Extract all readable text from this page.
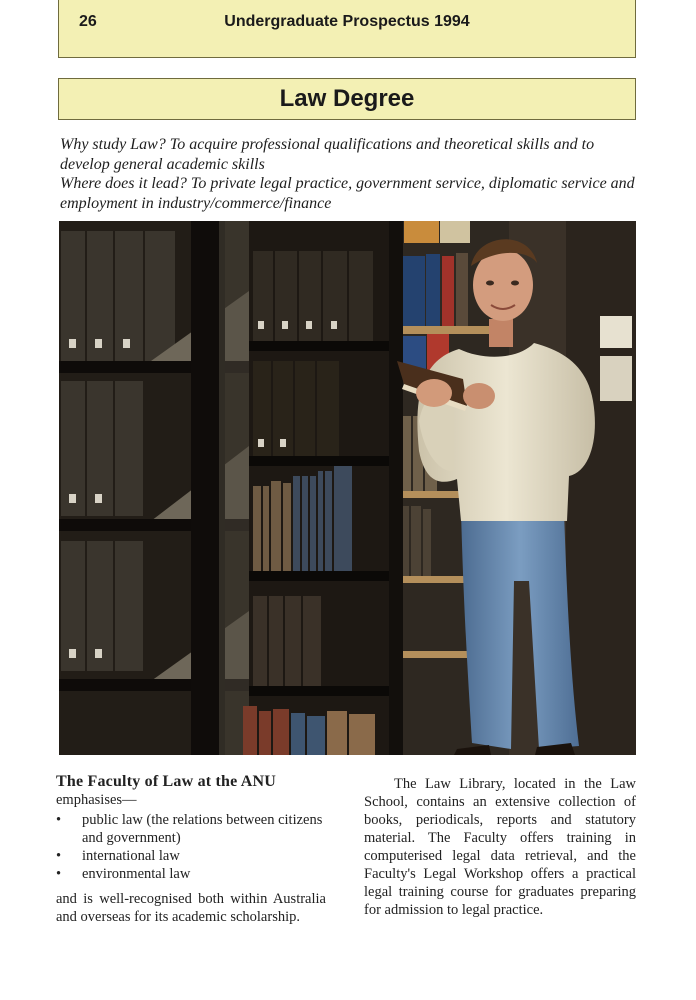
26	Undergraduate Prospectus 1994
Law Degree

Why study Law? To acquire professional qualifications and theoretical skills and to develop general academic skills

Where does it lead? To private legal practice, government service, diplomatic service and employment in industry/commerce/finance

The Faculty of Law at the ANU
emphasises—
• public law (the relations between citizens and government)
• international law
• environmental law
and is well-recognised both within Australia and overseas for its academic scholarship.
The Law Library, located in the Law School, contains an extensive collection of books, periodicals, reports and statutory material. The Faculty offers training in computerised legal data retrieval, and the Faculty's Legal Workshop offers a practical legal training course for graduates preparing for admission to legal practice.
